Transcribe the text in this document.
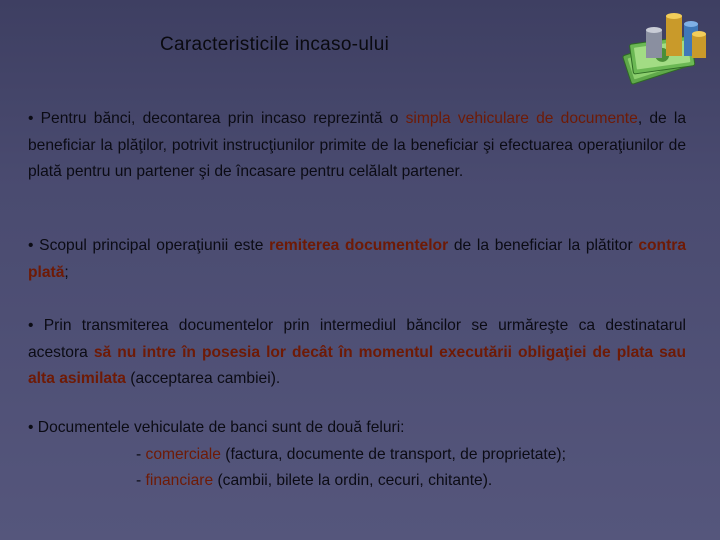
Caracteristicile incaso-ului
• Pentru bănci, decontarea prin incaso reprezintă o simpla vehiculare de documente, de la beneficiar la plăţilor, potrivit instrucţiunilor primite de la beneficiar şi efectuarea operaţiunilor de plată pentru un partener şi de încasare pentru celălalt partener.
• Scopul principal operaţiunii este remiterea documentelor de la beneficiar la plătitor contra plată;
• Prin transmiterea documentelor prin intermediul băncilor se urmăreşte ca destinatarul acestora să nu intre în posesia lor decât în momentul executării obligaţiei de plata sau alta asimilata (acceptarea cambiei).
• Documentele vehiculate de banci sunt de două feluri:
- comerciale (factura, documente de transport, de proprietate);
- financiare (cambii, bilete la ordin, cecuri, chitante).
